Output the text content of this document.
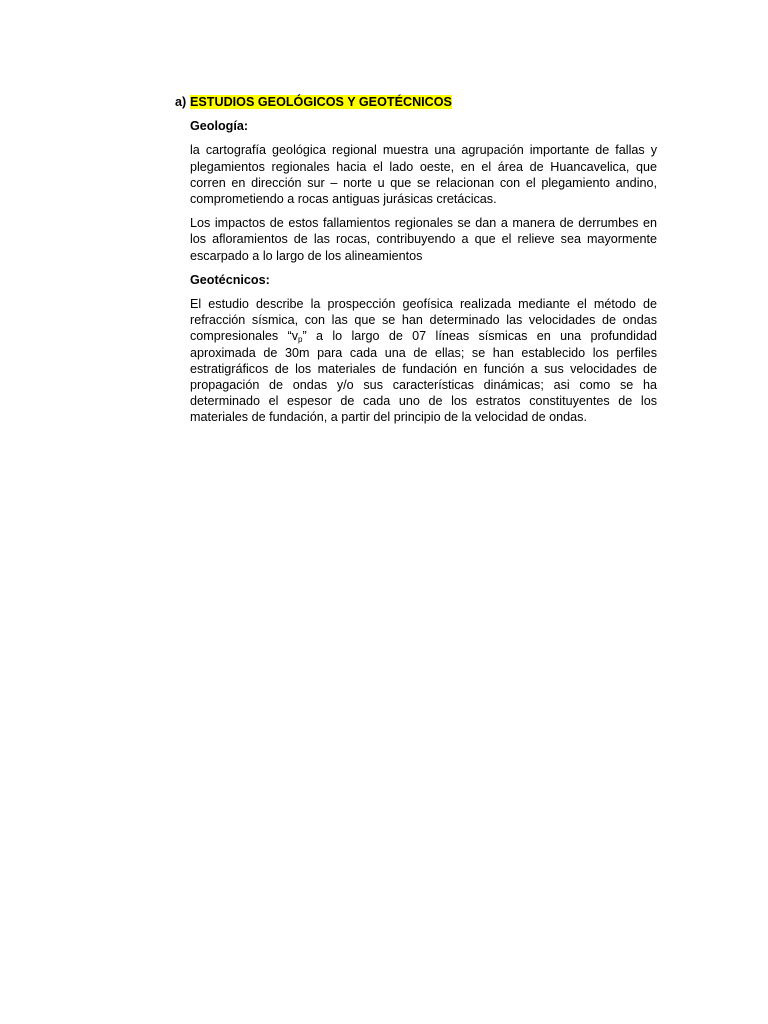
a) ESTUDIOS GEOLÓGICOS Y GEOTÉCNICOS
Geología:

la cartografía geológica regional muestra una agrupación importante de fallas y plegamientos regionales hacia el lado oeste, en el área de Huancavelica, que corren en dirección sur – norte u que se relacionan con el plegamiento andino, comprometiendo a rocas antiguas jurásicas cretácicas.

Los impactos de estos fallamientos regionales se dan a manera de derrumbes en los afloramientos de las rocas, contribuyendo a que el relieve sea mayormente escarpado a lo largo de los alineamientos

Geotécnicos:

El estudio describe la prospección geofísica realizada mediante el método de refracción sísmica, con las que se han determinado las velocidades de ondas compresionales “$v_p$” a lo largo de 07 líneas sísmicas en una profundidad aproximada de 30m para cada una de ellas; se han establecido los perfiles estratigráficos de los materiales de fundación en función a sus velocidades de propagación de ondas y/o sus características dinámicas; asi como se ha determinado el espesor de cada uno de los estratos constituyentes de los materiales de fundación, a partir del principio de la velocidad de ondas.
